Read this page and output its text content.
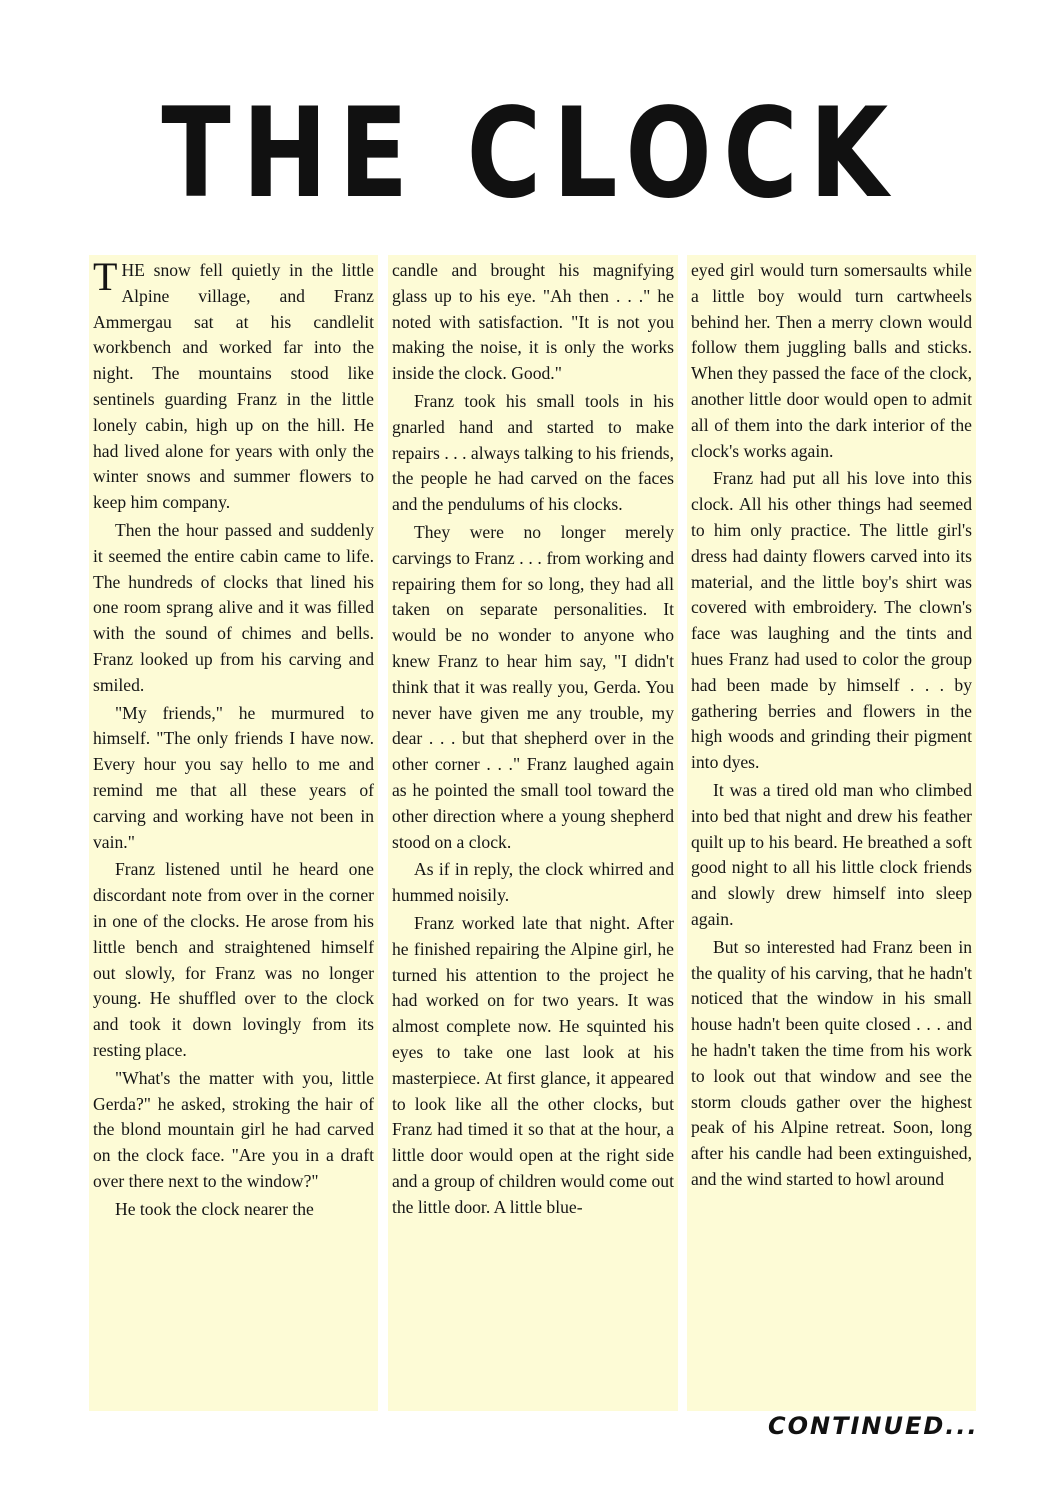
THE CLOCK

THE snow fell quietly in the little Alpine village, and Franz Ammergau sat at his candlelit workbench and worked far into the night. The mountains stood like sentinels guarding Franz in the little lonely cabin, high up on the hill. He had lived alone for years with only the winter snows and summer flowers to keep him company.

Then the hour passed and suddenly it seemed the entire cabin came to life. The hundreds of clocks that lined his one room sprang alive and it was filled with the sound of chimes and bells. Franz looked up from his carving and smiled.

"My friends," he murmured to himself. "The only friends I have now. Every hour you say hello to me and remind me that all these years of carving and working have not been in vain."

Franz listened until he heard one discordant note from over in the corner in one of the clocks. He arose from his little bench and straightened himself out slowly, for Franz was no longer young. He shuffled over to the clock and took it down lovingly from its resting place.

"What's the matter with you, little Gerda?" he asked, stroking the hair of the blond mountain girl he had carved on the clock face. "Are you in a draft over there next to the window?"

He took the clock nearer the

candle and brought his magnifying glass up to his eye. "Ah then . . ." he noted with satisfaction. "It is not you making the noise, it is only the works inside the clock. Good."

Franz took his small tools in his gnarled hand and started to make repairs . . . always talking to his friends, the people he had carved on the faces and the pendulums of his clocks.

They were no longer merely carvings to Franz . . . from working and repairing them for so long, they had all taken on separate personalities. It would be no wonder to anyone who knew Franz to hear him say, "I didn't think that it was really you, Gerda. You never have given me any trouble, my dear . . . but that shepherd over in the other corner . . ." Franz laughed again as he pointed the small tool toward the other direction where a young shepherd stood on a clock.

As if in reply, the clock whirred and hummed noisily.

Franz worked late that night. After he finished repairing the Alpine girl, he turned his attention to the project he had worked on for two years. It was almost complete now. He squinted his eyes to take one last look at his masterpiece. At first glance, it appeared to look like all the other clocks, but Franz had timed it so that at the hour, a little door would open at the right side and a group of children would come out the little door. A little blue-

eyed girl would turn somersaults while a little boy would turn cartwheels behind her. Then a merry clown would follow them juggling balls and sticks. When they passed the face of the clock, another little door would open to admit all of them into the dark interior of the clock's works again.

Franz had put all his love into this clock. All his other things had seemed to him only practice. The little girl's dress had dainty flowers carved into its material, and the little boy's shirt was covered with embroidery. The clown's face was laughing and the tints and hues Franz had used to color the group had been made by himself . . . by gathering berries and flowers in the high woods and grinding their pigment into dyes.

It was a tired old man who climbed into bed that night and drew his feather quilt up to his beard. He breathed a soft good night to all his little clock friends and slowly drew himself into sleep again.

But so interested had Franz been in the quality of his carving, that he hadn't noticed that the window in his small house hadn't been quite closed . . . and he hadn't taken the time from his work to look out that window and see the storm clouds gather over the highest peak of his Alpine retreat. Soon, long after his candle had been extinguished, and the wind started to howl around

CONTINUED...
